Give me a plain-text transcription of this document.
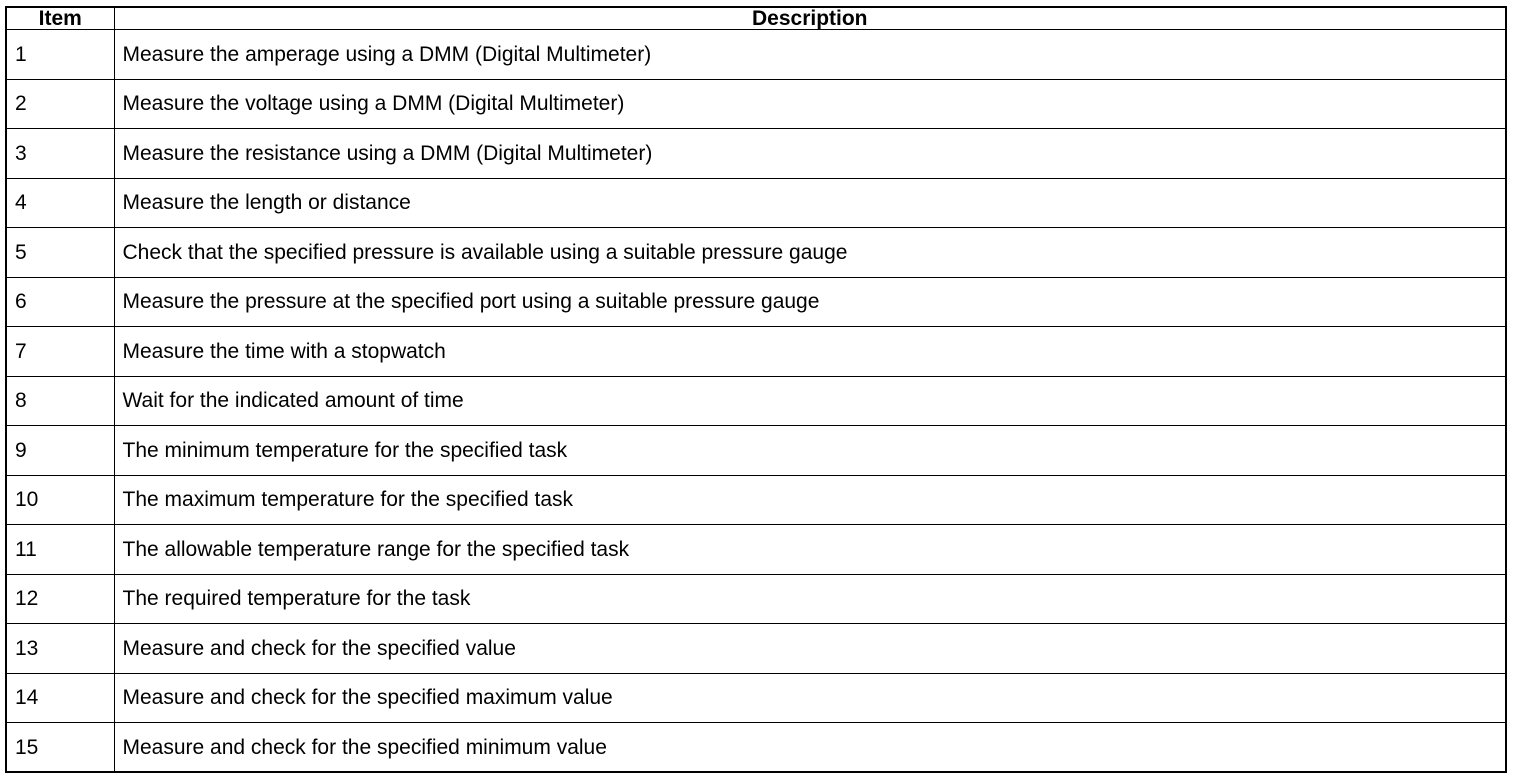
Item	Description
1	Measure the amperage using a DMM (Digital Multimeter)
2	Measure the voltage using a DMM (Digital Multimeter)
3	Measure the resistance using a DMM (Digital Multimeter)
4	Measure the length or distance
5	Check that the specified pressure is available using a suitable pressure gauge
6	Measure the pressure at the specified port using a suitable pressure gauge
7	Measure the time with a stopwatch
8	Wait for the indicated amount of time
9	The minimum temperature for the specified task
10	The maximum temperature for the specified task
11	The allowable temperature range for the specified task
12	The required temperature for the task
13	Measure and check for the specified value
14	Measure and check for the specified maximum value
15	Measure and check for the specified minimum value
